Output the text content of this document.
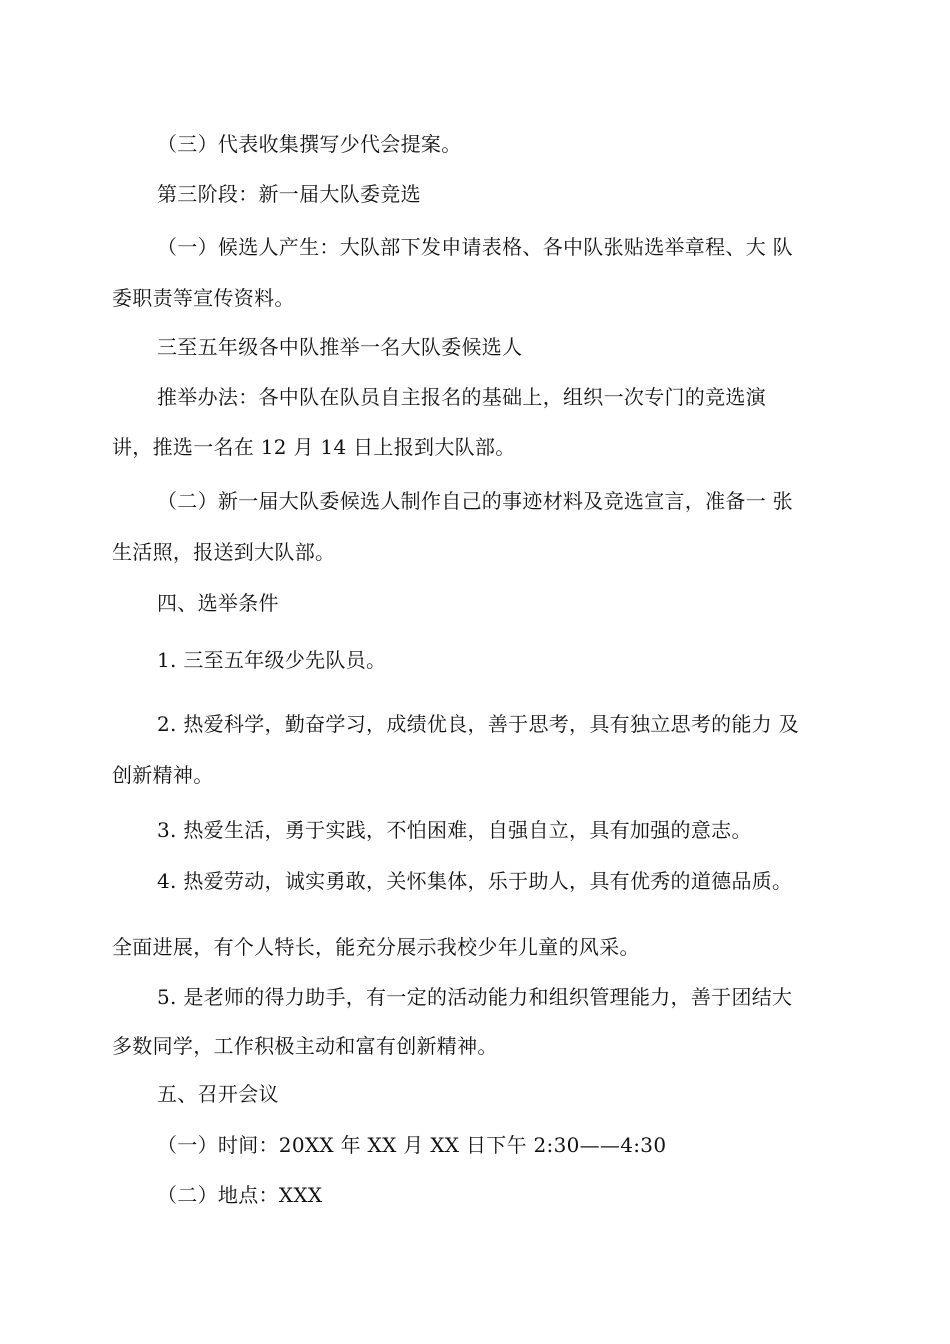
（三）代表收集撰写少代会提案。
第三阶段：新一届大队委竞选
（一）候选人产生：大队部下发申请表格、各中队张贴选举章程、大 队
委职责等宣传资料。
三至五年级各中队推举一名大队委候选人
推举办法：各中队在队员自主报名的基础上，组织一次专门的竞选演
讲，推选一名在 12 月 14 日上报到大队部。
（二）新一届大队委候选人制作自己的事迹材料及竞选宣言，准备一 张
生活照，报送到大队部。
四、选举条件
1. 三至五年级少先队员。
2. 热爱科学，勤奋学习，成绩优良，善于思考，具有独立思考的能力 及
创新精神。
3. 热爱生活，勇于实践，不怕困难，自强自立，具有加强的意志。
4. 热爱劳动，诚实勇敢，关怀集体，乐于助人，具有优秀的道德品质。
全面进展，有个人特长，能充分展示我校少年儿童的风采。
5. 是老师的得力助手，有一定的活动能力和组织管理能力，善于团结大
多数同学，工作积极主动和富有创新精神。
五、召开会议
（一）时间：20XX 年 XX 月 XX 日下午 2:30——4:30
（二）地点：XXX
